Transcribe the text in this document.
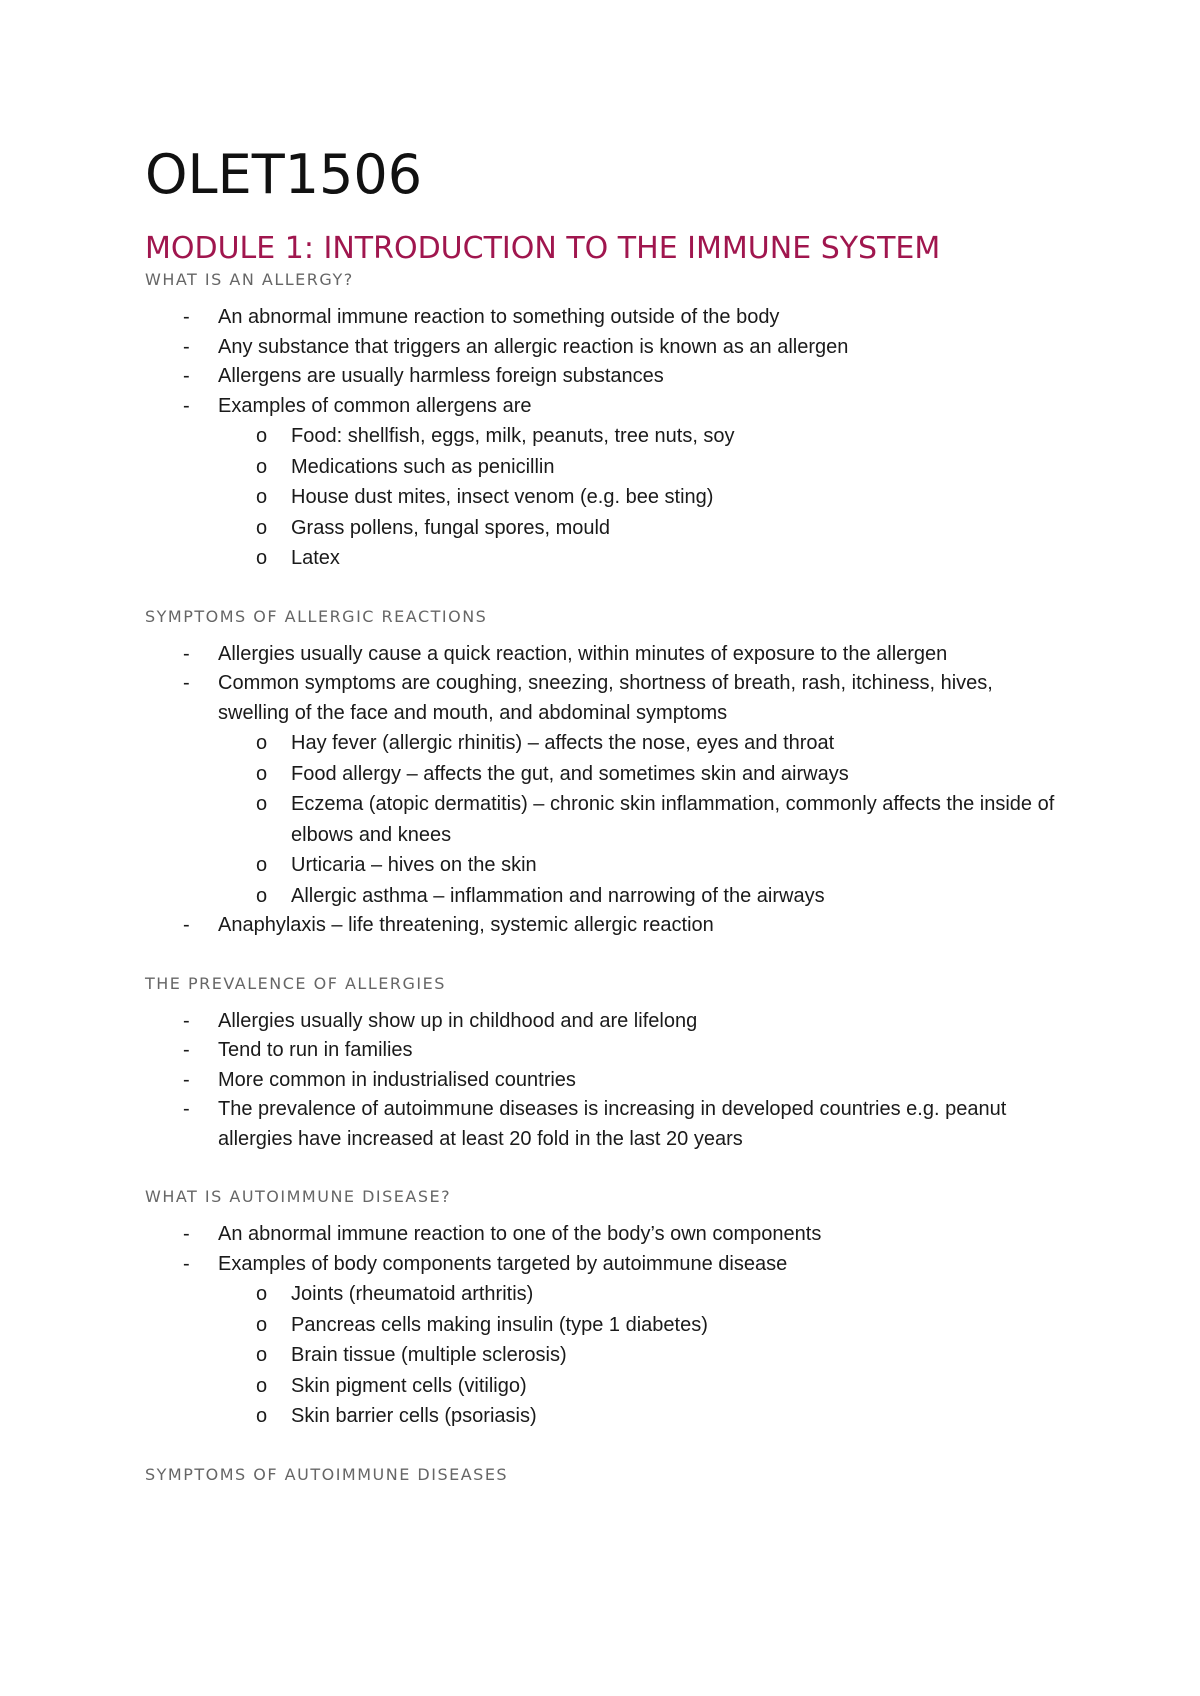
OLET1506
MODULE 1: INTRODUCTION TO THE IMMUNE SYSTEM
WHAT IS AN ALLERGY?
- An abnormal immune reaction to something outside of the body
- Any substance that triggers an allergic reaction is known as an allergen
- Allergens are usually harmless foreign substances
- Examples of common allergens are
o Food: shellfish, eggs, milk, peanuts, tree nuts, soy
o Medications such as penicillin
o House dust mites, insect venom (e.g. bee sting)
o Grass pollens, fungal spores, mould
o Latex
SYMPTOMS OF ALLERGIC REACTIONS
- Allergies usually cause a quick reaction, within minutes of exposure to the allergen
- Common symptoms are coughing, sneezing, shortness of breath, rash, itchiness, hives, swelling of the face and mouth, and abdominal symptoms
o Hay fever (allergic rhinitis) – affects the nose, eyes and throat
o Food allergy – affects the gut, and sometimes skin and airways
o Eczema (atopic dermatitis) – chronic skin inflammation, commonly affects the inside of elbows and knees
o Urticaria – hives on the skin
o Allergic asthma – inflammation and narrowing of the airways
- Anaphylaxis – life threatening, systemic allergic reaction
THE PREVALENCE OF ALLERGIES
- Allergies usually show up in childhood and are lifelong
- Tend to run in families
- More common in industrialised countries
- The prevalence of autoimmune diseases is increasing in developed countries e.g. peanut allergies have increased at least 20 fold in the last 20 years
WHAT IS AUTOIMMUNE DISEASE?
- An abnormal immune reaction to one of the body’s own components
- Examples of body components targeted by autoimmune disease
o Joints (rheumatoid arthritis)
o Pancreas cells making insulin (type 1 diabetes)
o Brain tissue (multiple sclerosis)
o Skin pigment cells (vitiligo)
o Skin barrier cells (psoriasis)
SYMPTOMS OF AUTOIMMUNE DISEASES
